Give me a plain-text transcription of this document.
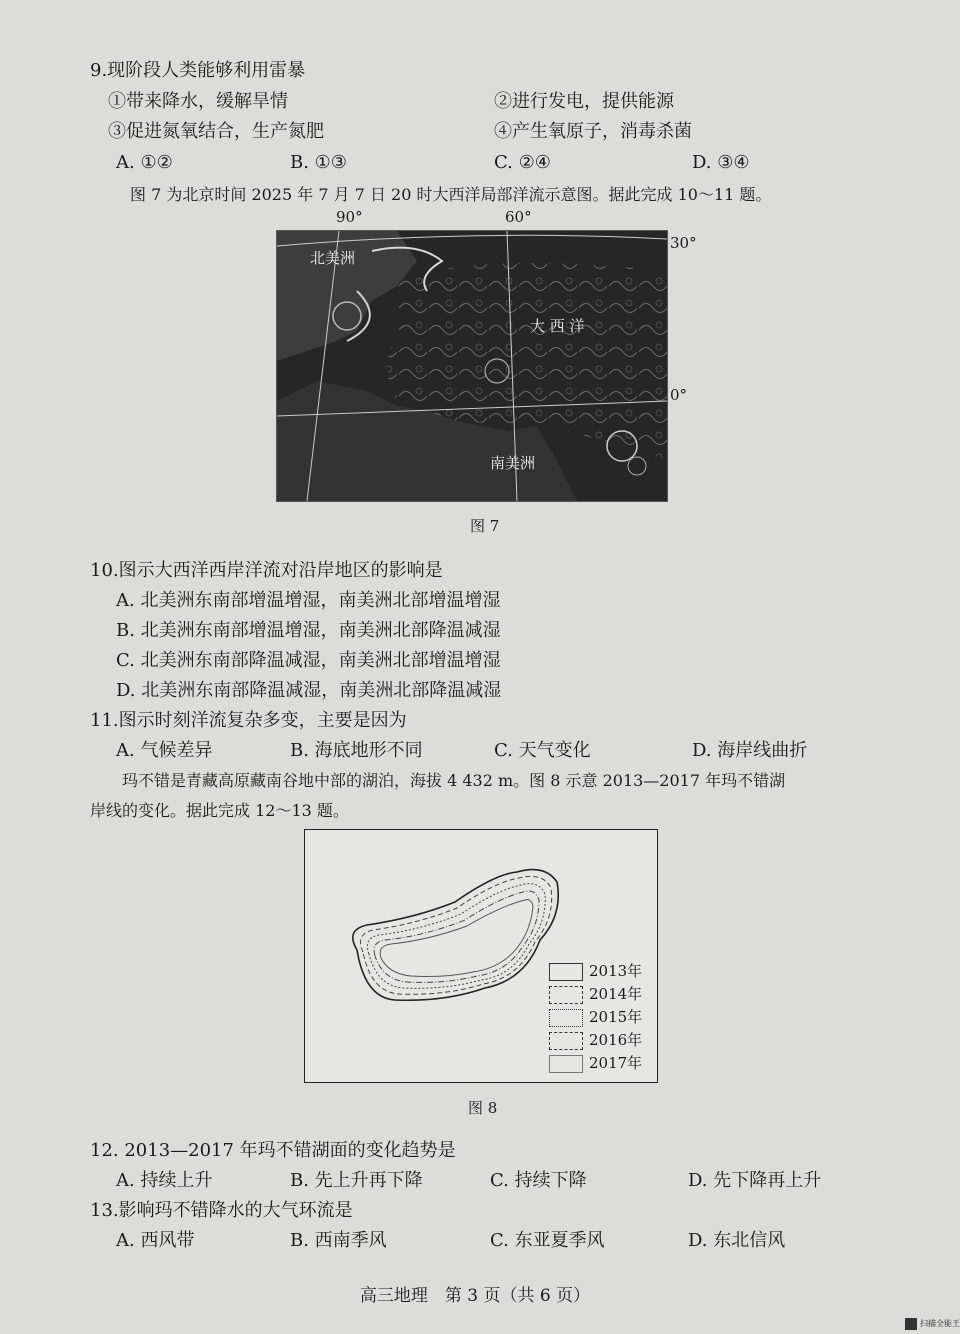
9.现阶段人类能够利用雷暴
①带来降水，缓解旱情	②进行发电，提供能源
③促进氮氧结合，生产氮肥	④产生氧原子，消毒杀菌
A. ①②	B. ①③	C. ②④	D. ③④
图 7 为北京时间 2025 年 7 月 7 日 20 时大西洋局部洋流示意图。据此完成 10～11 题。
90°	60°
30°
0°
北美洲
大 西 洋
南美洲
图 7
10.图示大西洋西岸洋流对沿岸地区的影响是
A. 北美洲东南部增温增湿，南美洲北部增温增湿
B. 北美洲东南部增温增湿，南美洲北部降温减湿
C. 北美洲东南部降温减湿，南美洲北部增温增湿
D. 北美洲东南部降温减湿，南美洲北部降温减湿
11.图示时刻洋流复杂多变，主要是因为
A. 气候差异	B. 海底地形不同	C. 天气变化	D. 海岸线曲折
玛不错是青藏高原藏南谷地中部的湖泊，海拔 4 432 m。图 8 示意 2013—2017 年玛不错湖
岸线的变化。据此完成 12～13 题。
2013年
2014年
2015年
2016年
2017年
图 8
12. 2013—2017 年玛不错湖面的变化趋势是
A. 持续上升	B. 先上升再下降	C. 持续下降	D. 先下降再上升
13.影响玛不错降水的大气环流是
A. 西风带	B. 西南季风	C. 东亚夏季风	D. 东北信风
高三地理　第 3 页（共 6 页）
扫描全能王
